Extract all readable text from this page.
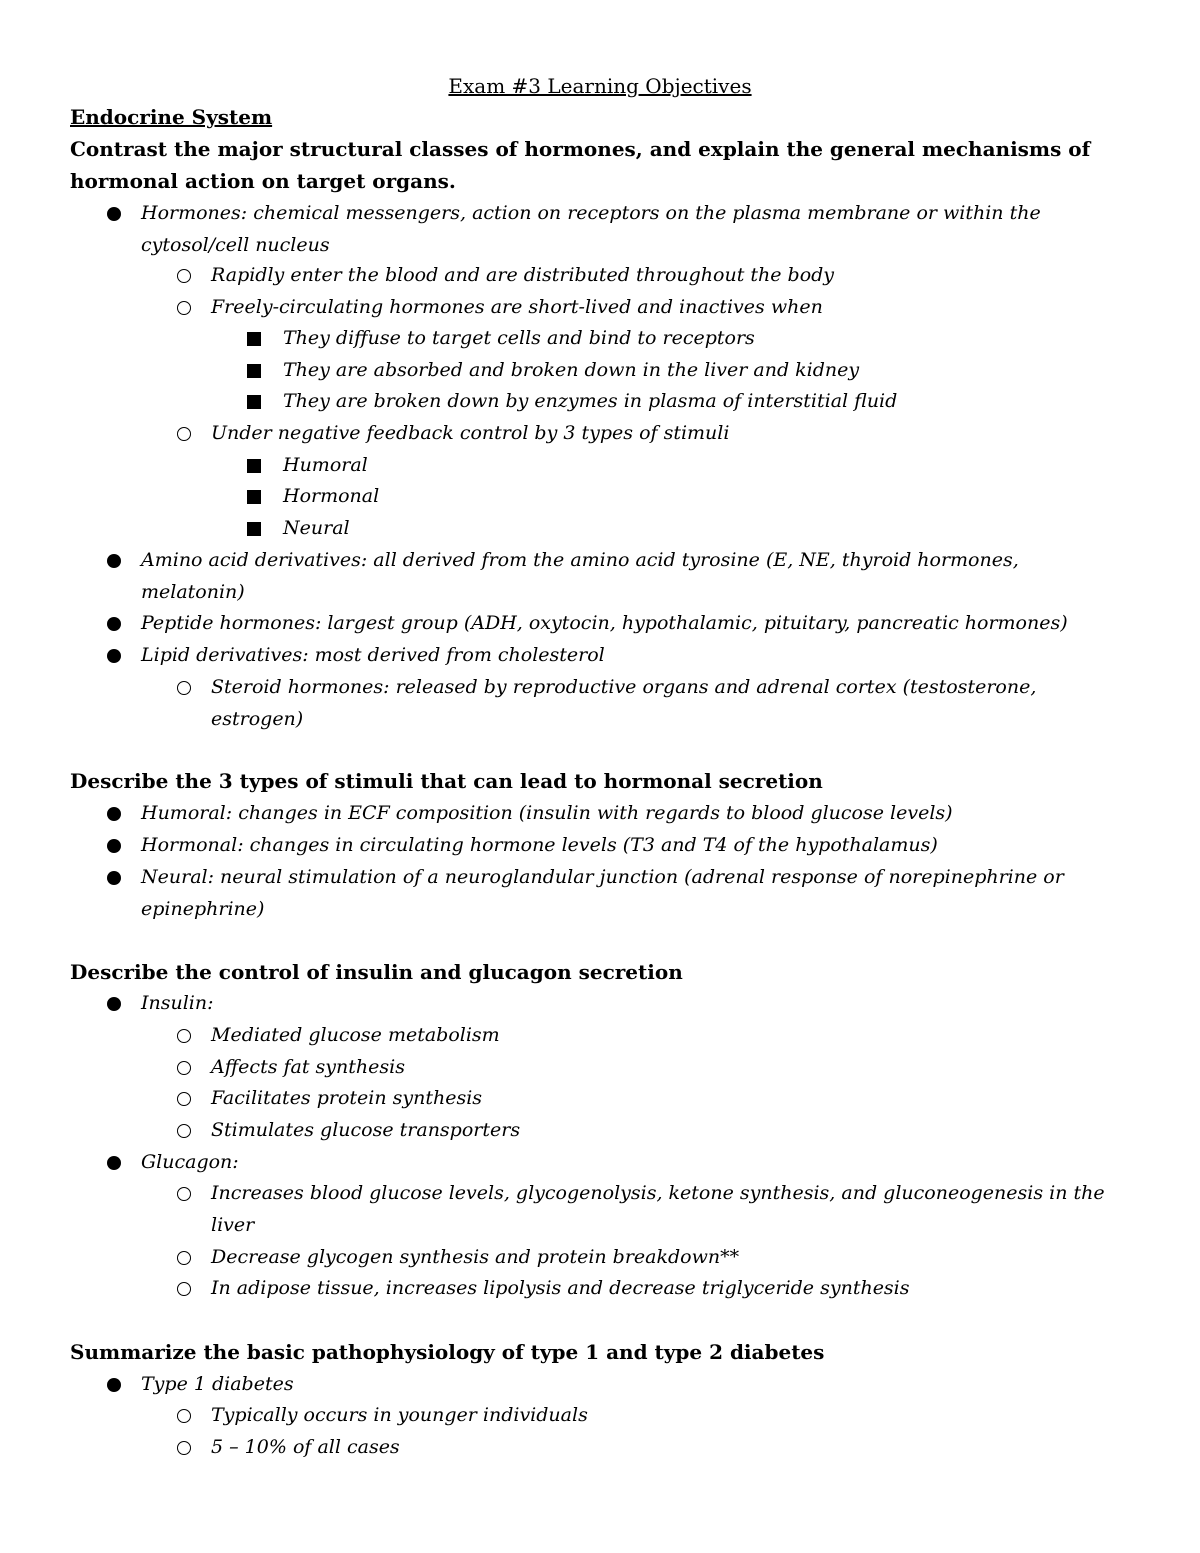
Exam #3 Learning Objectives
Endocrine System
Contrast the major structural classes of hormones, and explain the general mechanisms of hormonal action on target organs.
Hormones: chemical messengers, action on receptors on the plasma membrane or within the cytosol/cell nucleus
Rapidly enter the blood and are distributed throughout the body
Freely-circulating hormones are short-lived and inactives when
They diffuse to target cells and bind to receptors
They are absorbed and broken down in the liver and kidney
They are broken down by enzymes in plasma of interstitial fluid
Under negative feedback control by 3 types of stimuli
Humoral
Hormonal
Neural
Amino acid derivatives: all derived from the amino acid tyrosine (E, NE, thyroid hormones, melatonin)
Peptide hormones: largest group (ADH, oxytocin, hypothalamic, pituitary, pancreatic hormones)
Lipid derivatives: most derived from cholesterol
Steroid hormones: released by reproductive organs and adrenal cortex (testosterone, estrogen)
Describe the 3 types of stimuli that can lead to hormonal secretion
Humoral: changes in ECF composition (insulin with regards to blood glucose levels)
Hormonal: changes in circulating hormone levels (T3 and T4 of the hypothalamus)
Neural: neural stimulation of a neuroglandular junction (adrenal response of norepinephrine or epinephrine)
Describe the control of insulin and glucagon secretion
Insulin:
Mediated glucose metabolism
Affects fat synthesis
Facilitates protein synthesis
Stimulates glucose transporters
Glucagon:
Increases blood glucose levels, glycogenolysis, ketone synthesis, and gluconeogenesis in the liver
Decrease glycogen synthesis and protein breakdown**
In adipose tissue, increases lipolysis and decrease triglyceride synthesis
Summarize the basic pathophysiology of type 1 and type 2 diabetes
Type 1 diabetes
Typically occurs in younger individuals
5 – 10% of all cases
